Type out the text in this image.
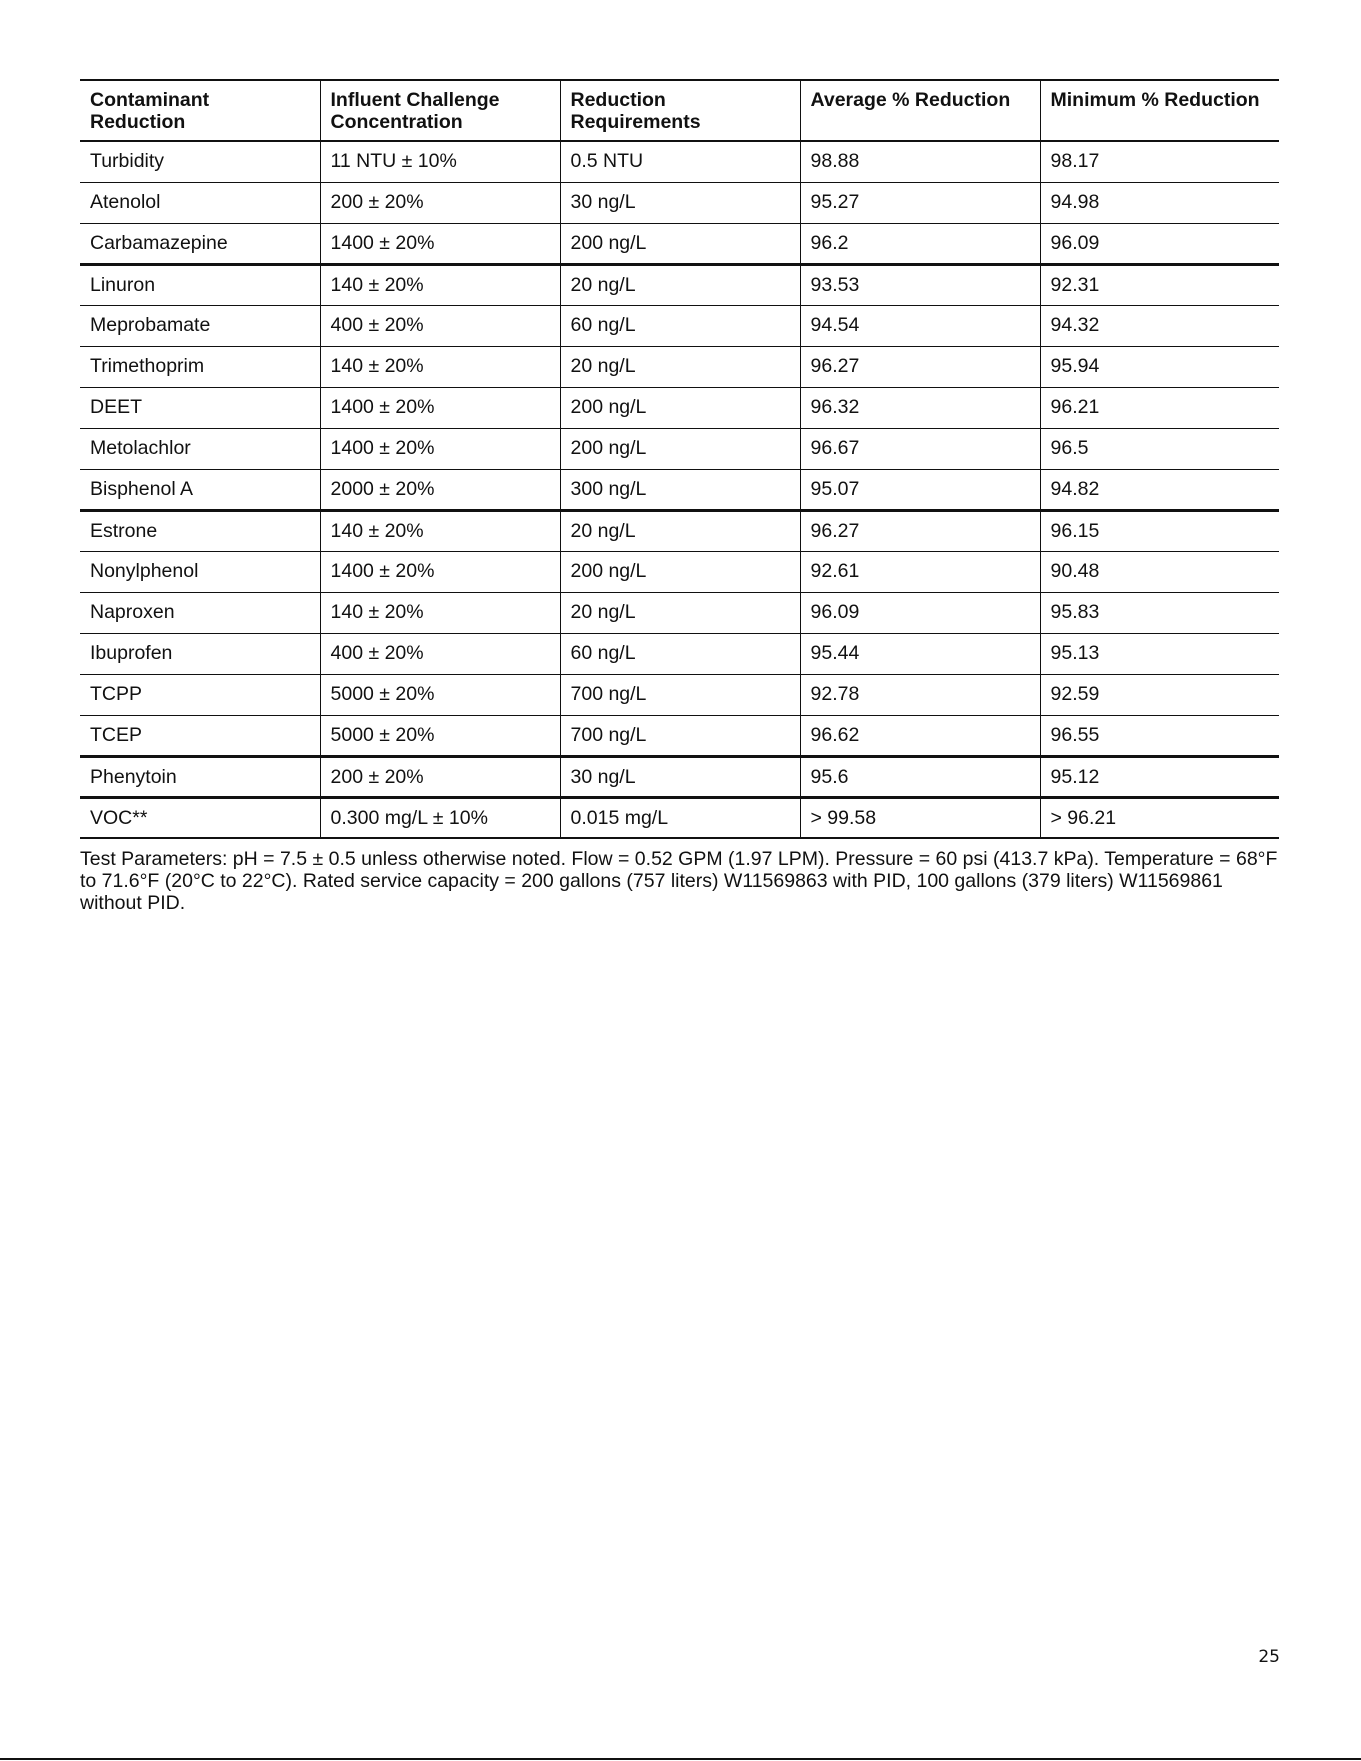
Contaminant Reduction	Influent Challenge Concentration	Reduction Requirements	Average % Reduction	Minimum % Reduction
Turbidity	11 NTU ± 10%	0.5 NTU	98.88	98.17
Atenolol	200 ± 20%	30 ng/L	95.27	94.98
Carbamazepine	1400 ± 20%	200 ng/L	96.2	96.09
Linuron	140 ± 20%	20 ng/L	93.53	92.31
Meprobamate	400 ± 20%	60 ng/L	94.54	94.32
Trimethoprim	140 ± 20%	20 ng/L	96.27	95.94
DEET	1400 ± 20%	200 ng/L	96.32	96.21
Metolachlor	1400 ± 20%	200 ng/L	96.67	96.5
Bisphenol A	2000 ± 20%	300 ng/L	95.07	94.82
Estrone	140 ± 20%	20 ng/L	96.27	96.15
Nonylphenol	1400 ± 20%	200 ng/L	92.61	90.48
Naproxen	140 ± 20%	20 ng/L	96.09	95.83
Ibuprofen	400 ± 20%	60 ng/L	95.44	95.13
TCPP	5000 ± 20%	700 ng/L	92.78	92.59
TCEP	5000 ± 20%	700 ng/L	96.62	96.55
Phenytoin	200 ± 20%	30 ng/L	95.6	95.12
VOC**	0.300 mg/L ± 10%	0.015 mg/L	> 99.58	> 96.21

Test Parameters: pH = 7.5 ± 0.5 unless otherwise noted. Flow = 0.52 GPM (1.97 LPM). Pressure = 60 psi (413.7 kPa). Temperature = 68°F to 71.6°F (20°C to 22°C). Rated service capacity = 200 gallons (757 liters) W11569863 with PID, 100 gallons (379 liters) W11569861 without PID.

25
